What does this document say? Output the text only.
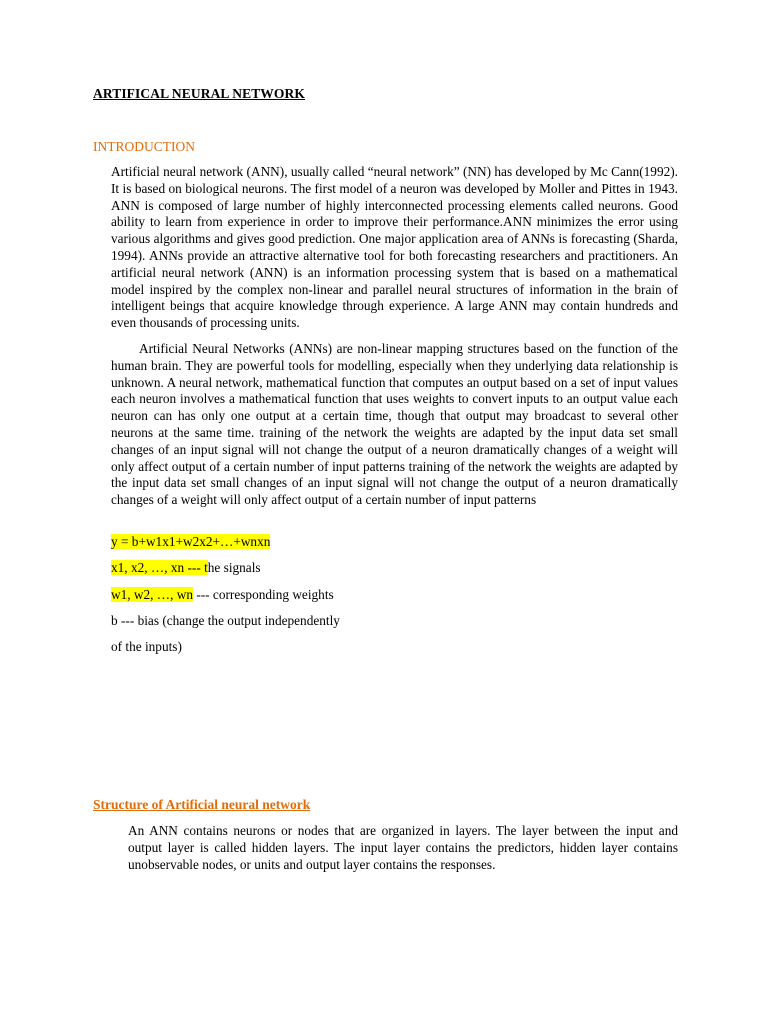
ARTIFICAL NEURAL NETWORK
INTRODUCTION

Artificial neural network (ANN), usually called “neural network” (NN) has developed by Mc Cann(1992). It is based on biological neurons. The first model of a neuron was developed by Moller and Pittes in 1943. ANN is composed of large number of highly interconnected processing elements called neurons. Good ability to learn from experience in order to improve their performance.ANN minimizes the error using various algorithms and gives good prediction. One major application area of ANNs is forecasting (Sharda, 1994). ANNs provide an attractive alternative tool for both forecasting researchers and practitioners. An artificial neural network (ANN) is an information processing system that is based on a mathematical model inspired by the complex non-linear and parallel neural structures of information in the brain of intelligent beings that acquire knowledge through experience. A large ANN may contain hundreds and even thousands of processing units.

Artificial Neural Networks (ANNs) are non-linear mapping structures based on the function of the human brain. They are powerful tools for modelling, especially when they underlying data relationship is unknown. A neural network, mathematical function that computes an output based on a set of input values each neuron involves a mathematical function that uses weights to convert inputs to an output value each neuron can has only one output at a certain time, though that output may broadcast to several other neurons at the same time. training of the network the weights are adapted by the input data set small changes of an input signal will not change the output of a neuron dramatically changes of a weight will only affect output of a certain number of input patterns training of the network the weights are adapted by the input data set small changes of an input signal will not change the output of a neuron dramatically changes of a weight will only affect output of a certain number of input patterns

y = b+w1x1+w2x2+…+wnxn
x1, x2, …, xn --- the signals
w1, w2, …, wn --- corresponding weights
b --- bias (change the output independently
of the inputs)
Structure of Artificial neural network

An ANN contains neurons or nodes that are organized in layers. The layer between the input and output layer is called hidden layers. The input layer contains the predictors, hidden layer contains unobservable nodes, or units and output layer contains the responses.
